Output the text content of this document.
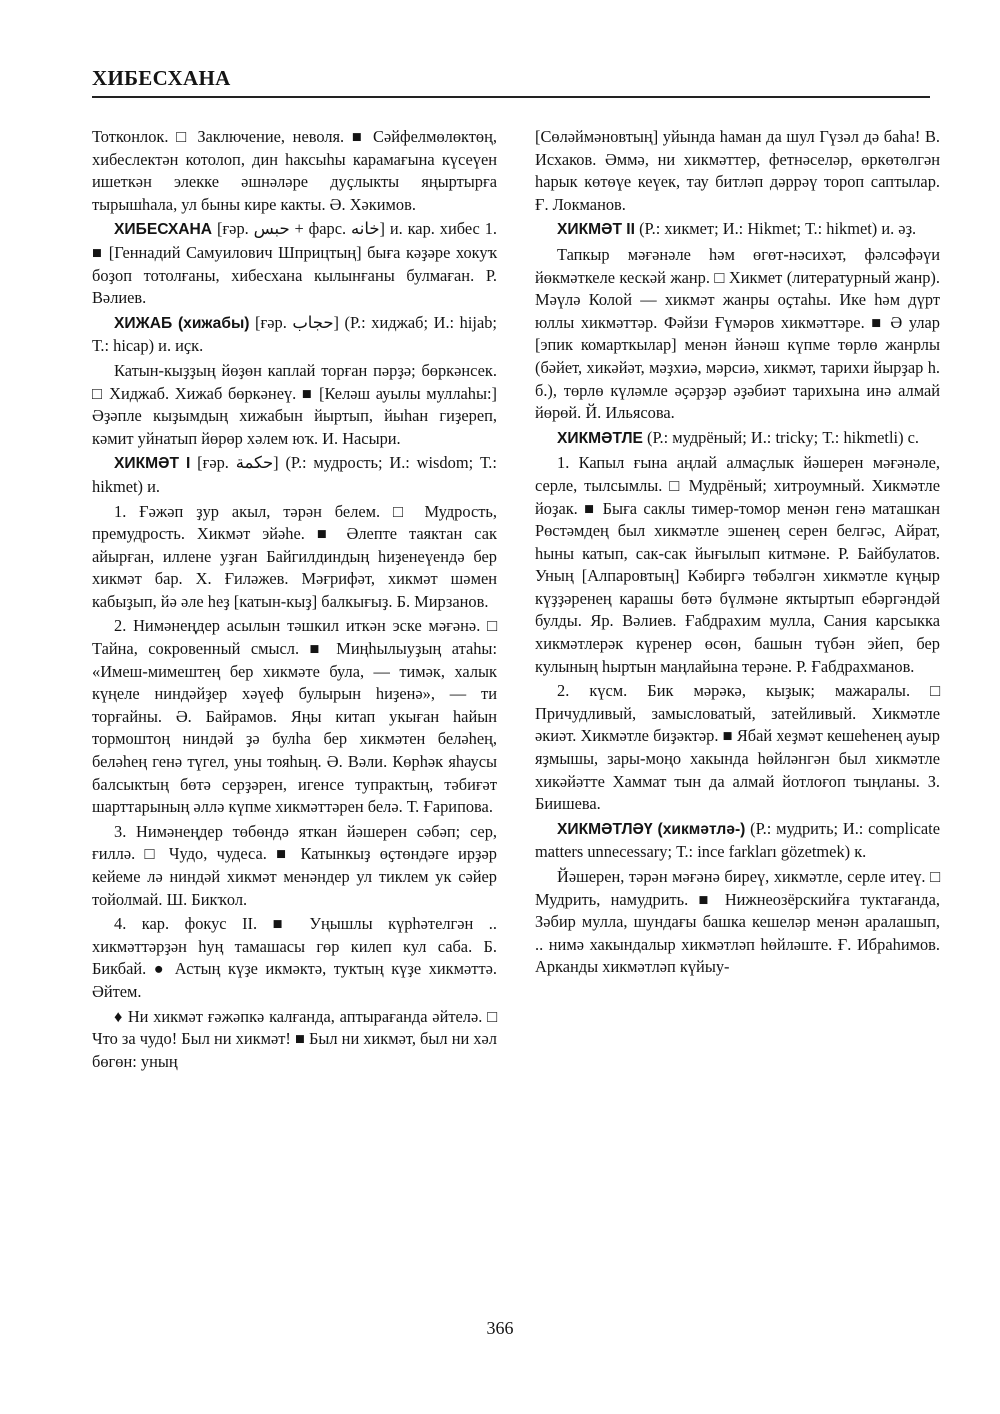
ХИБЕСХАНА

Тотконлок. □ Заключение, неволя. ■ Сәйфелмөлөктөң, хибеслектән котолоп, дин һаксыһы карамағына күсеүен ишеткән элекке әшнәләре дуҫлыкты яңыртырға тырышһала, ул быны кире какты. Ә. Хәкимов.

ХИБЕСХАНА [ғәр. حبس + фарс. خانه] и. кар. хибес 1. ■ [Геннадий Самуилович Шприцтың] быға кәҙәре хокуҡ боҙоп тотолғаны, хибесхана кылынғаны булмаған. Р. Вәлиев.

ХИЖАБ (хижабы) [ғәр. حجاب] (Р.: хиджаб; И.: hijab; Т.: hicap) и. иҫк.

Катын-кыҙҙың йөҙөн каплай торған пәрҙә; бөркәнсек. □ Хиджаб. Хижаб бөркәнеү. ■ [Келәш ауылы муллаһы:] Әҙәпле кыҙымдың хижабын йыртып, йыһан гиҙереп, кәмит уйнатып йөрөр хәлем юҡ. И. Насыри.

ХИКМӘТ I [ғәр. حكمة] (Р.: мудрость; И.: wisdom; Т.: hikmet) и.

1. Ғәжәп ҙур акыл, тәрән белем. □ Мудрость, премудрость. Хикмәт эйәһе. ■ Әлепте таяктан сак айырған, иллене уҙған Байгилдиндың һиҙенеүендә бер хикмәт бар. Х. Ғиләжев. Мәғрифәт, хикмәт шәмен кабыҙып, йә әле һеҙ [катын-кыҙ] балкығыҙ. Б. Мирзанов.

2. Нимәнеңдер асылын тәшкил иткән эске мәғәнә. □ Тайна, сокровенный смысл. ■ Миңһылыуҙың атаһы: «Имеш-мимештең бер хикмәте була, — тимәк, халык күңеле ниндәйҙер хәүеф булырын һиҙенә», — ти торғайны. Ә. Байрамов. Яңы китап укыған һайын тормоштоң ниндәй ҙә булһа бер хикмәтен беләһең, беләһең генә түгел, уны тояһың. Ә. Вәли. Көрһәк яһаусы балсыктың бөтә серҙәрен, игенсе тупрактың, тәбиғәт шарттарының әллә күпме хикмәттәрен белә. Т. Ғарипова.

3. Нимәнеңдер төбөндә яткан йәшерен сәбәп; сер, ғиллә. □ Чудо, чудеса. ■ Катынкыҙ өҫтөндәге ирҙәр кейеме лә ниндәй хикмәт менәндер ул тиклем ук сәйер тойолмай. Ш. Бикҡол.

4. кар. фокус II. ■ Уңышлы күрһәтелгән .. хикмәттәрҙән һуң тамашасы гөр килеп кул саба. Б. Бикбай. ● Астың күҙе икмәктә, туктың күҙе хикмәттә. Әйтем.

♦ Ни хикмәт ғәжәпкә калғанда, аптырағанда әйтелә. □ Что за чудо! Был ни хикмәт! ■ Был ни хикмәт, был ни хәл бөгөн: уның

[Сөләймәновтың] уйында һаман да шул Гүзәл дә баһа! В. Исхаков. Әммә, ни хикмәттер, фетнәселәр, өркөтөлгән һарык көтөүе кеүек, тау битләп дәррәү тороп саптылар. Ғ. Локманов.

ХИКМӘТ II (Р.: хикмет; И.: Hikmet; Т.: hikmet) и. әҙ.

Тапкыр мәғәнәле һәм өгөт-нәсихәт, фәлсәфәүи йөкмәткеле кескәй жанр. □ Хикмет (литературный жанр). Мәүлә Колой — хикмәт жанры оҫтаһы. Ике һәм дүрт юллы хикмәттәр. Фәйзи Ғүмәров хикмәттәре. ■ Ә улар [эпик комарткылар] менән йәнәш күпме төрлө жанрлы (бәйет, хикәйәт, мәҙхиә, мәрсиә, хикмәт, тарихи йырҙар һ. б.), төрлө күләмле әҫәрҙәр әҙәбиәт тарихына инә алмай йөрөй. Й. Ильясова.

ХИКМӘТЛЕ (Р.: мудрёный; И.: tricky; Т.: hikmetli) с.

1. Капыл ғына аңлай алмаҫлык йәшерен мәғәнәле, серле, тылсымлы. □ Мудрёный; хитроумный. Хикмәтле йоҙак. ■ Быға саклы тимер-томор менән генә маташкан Рөстәмдең был хикмәтле эшенең серен белгәс, Айрат, һыны катып, сак-сак йығылып китмәне. Р. Байбулатов. Уның [Алпаровтың] Кәбиргә төбәлгән хикмәтле күңыр күҙҙәренең карашы бөтә бүлмәне яктыртып ебәргәндәй булды. Яр. Вәлиев. Ғабдрахим мулла, Сания карсыкка хикмәтлерәк күренер өсөн, башын түбән эйеп, бер кулының һыртын маңлайына терәне. Р. Ғабдрахманов.

2. күсм. Бик мәрәкә, кыҙык; мажаралы. □ Причудливый, замысловатый, затейливый. Хикмәтле әкиәт. Хикмәтле биҙәктәр. ■ Ябай хеҙмәт кешеһенең ауыр яҙмышы, зары-моңо хакында һөйләнгән был хикмәтле хикәйәтте Хаммат тын да алмай йотлоғоп тыңланы. З. Биишева.

ХИКМӘТЛӘҮ (хикмәтлә-) (Р.: мудрить; И.: complicate matters unnecessary; Т.: ince farkları gözetmek) к.

Йәшерен, тәрән мәғәнә биреү, хикмәтле, серле итеү. □ Мудрить, намудрить. ■ Нижнеозёрскийға туктағанда, Зәбир мулла, шундағы башка кешеләр менән аралашып, .. нимә хакындалыр хикмәтләп һөйләште. Ғ. Ибраһимов. Арканды хикмәтләп күйыу-

366
